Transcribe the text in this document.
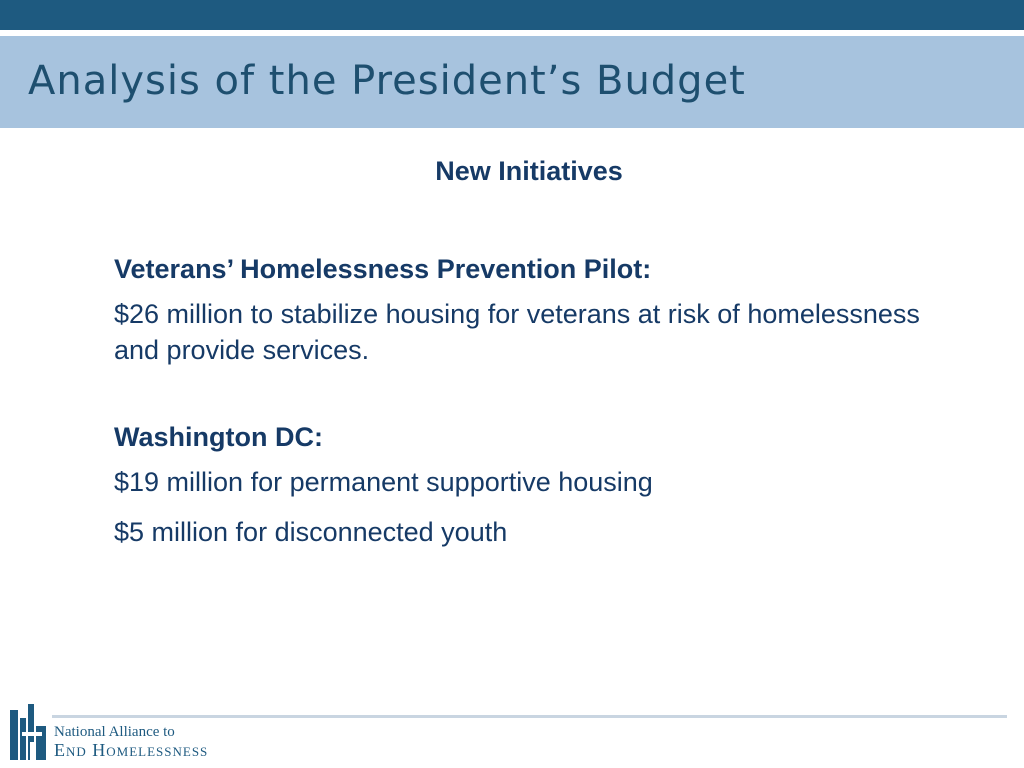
Analysis of the President’s Budget
New Initiatives
Veterans’ Homelessness Prevention Pilot:
$26 million to stabilize housing for veterans at risk of homelessness and provide services.
Washington DC:
$19 million for permanent supportive housing
$5 million for disconnected youth
National Alliance to
End Homelessness
